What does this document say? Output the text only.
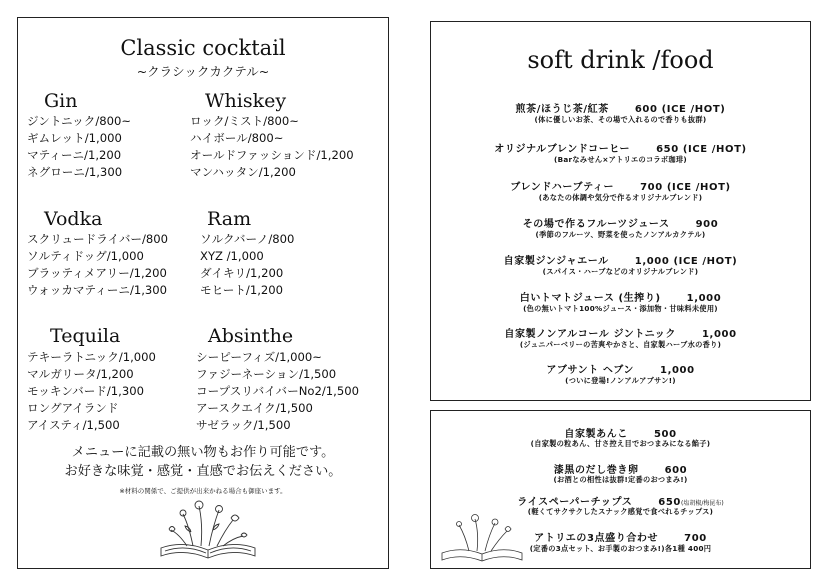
Classic cocktail
~クラシックカクテル~
Gin
ジントニック/800~
ギムレット/1,000
マティーニ/1,200
ネグローニ/1,300
Whiskey
ロック/ミスト/800~
ハイボール/800~
オールドファッションド/1,200
マンハッタン/1,200
Vodka
スクリュードライバー/800
ソルティドッグ/1,000
ブラッティメアリー/1,200
ウォッカマティーニ/1,300
Ram
ソルクバーノ/800
XYZ /1,000
ダイキリ/1,200
モヒート/1,200
Tequila
テキーラトニック/1,000
マルガリータ/1,200
モッキンバード/1,300
ロングアイランド
アイスティ/1,500
Absinthe
シーピーフィズ/1,000~
ファジーネーション/1,500
コープスリバイバーNo2/1,500
アースクエイク/1,500
サゼラック/1,500
メニューに記載の無い物もお作り可能です。
お好きな味覚・感覚・直感でお伝えください。
※材料の関係で、ご提供が出来かねる場合も御座います。
soft drink /food
煎茶/ほうじ茶/紅茶	600 (ICE /HOT)
(体に優しいお茶、その場で入れるので香りも抜群)
オリジナルブレンドコーヒー	650 (ICE /HOT)
(Barなみせん×アトリエのコラボ珈琲)
ブレンドハーブティー	700 (ICE /HOT)
(あなたの体調や気分で作るオリジナルブレンド)
その場で作るフルーツジュース	900
(季節のフルーツ、野菜を使ったノンアルカクテル)
自家製ジンジャエール	1,000 (ICE /HOT)
(スパイス・ハーブなどのオリジナルブレンド)
白いトマトジュース (生搾り)	1,000
(色の無いトマト100%ジュース・添加物・甘味料未使用)
自家製ノンアルコール ジントニック	1,000
(ジュニパーベリーの苦爽やかさと、自家製ハーブ水の香り)
アブサント ヘブン	1,000
(ついに登場!ノンアルアブサン!)
自家製あんこ	500
(自家製の粒あん、甘さ控え目でおつまみになる餡子)
漆黒のだし巻き卵	600
(お酒との相性は抜群!定番のおつまみ!)
ライスペーパーチップス	650(塩胡椒/梅昆布)
(軽くてサクサクしたスナック感覚で食べれるチップス)
アトリエの3点盛り合わせ	700
(定番の3点セット、お手製のおつまみ!)各1種 400円
